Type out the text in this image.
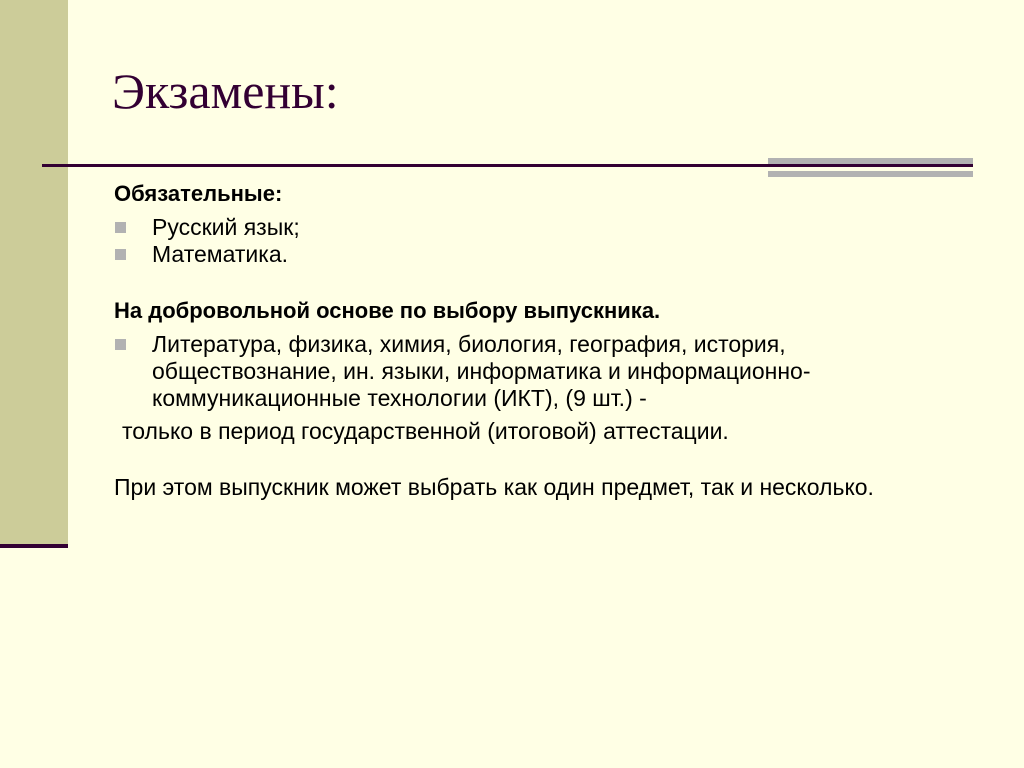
Экзамены:

Обязательные:

Русский язык;

Математика.

На добровольной основе по выбору выпускника.

Литература, физика, химия, биология, география, история, обществознание, ин. языки, информатика и информационно-коммуникационные технологии (ИКТ), (9 шт.) -

только в период государственной (итоговой) аттестации.

При этом выпускник может выбрать как один предмет, так и несколько.
